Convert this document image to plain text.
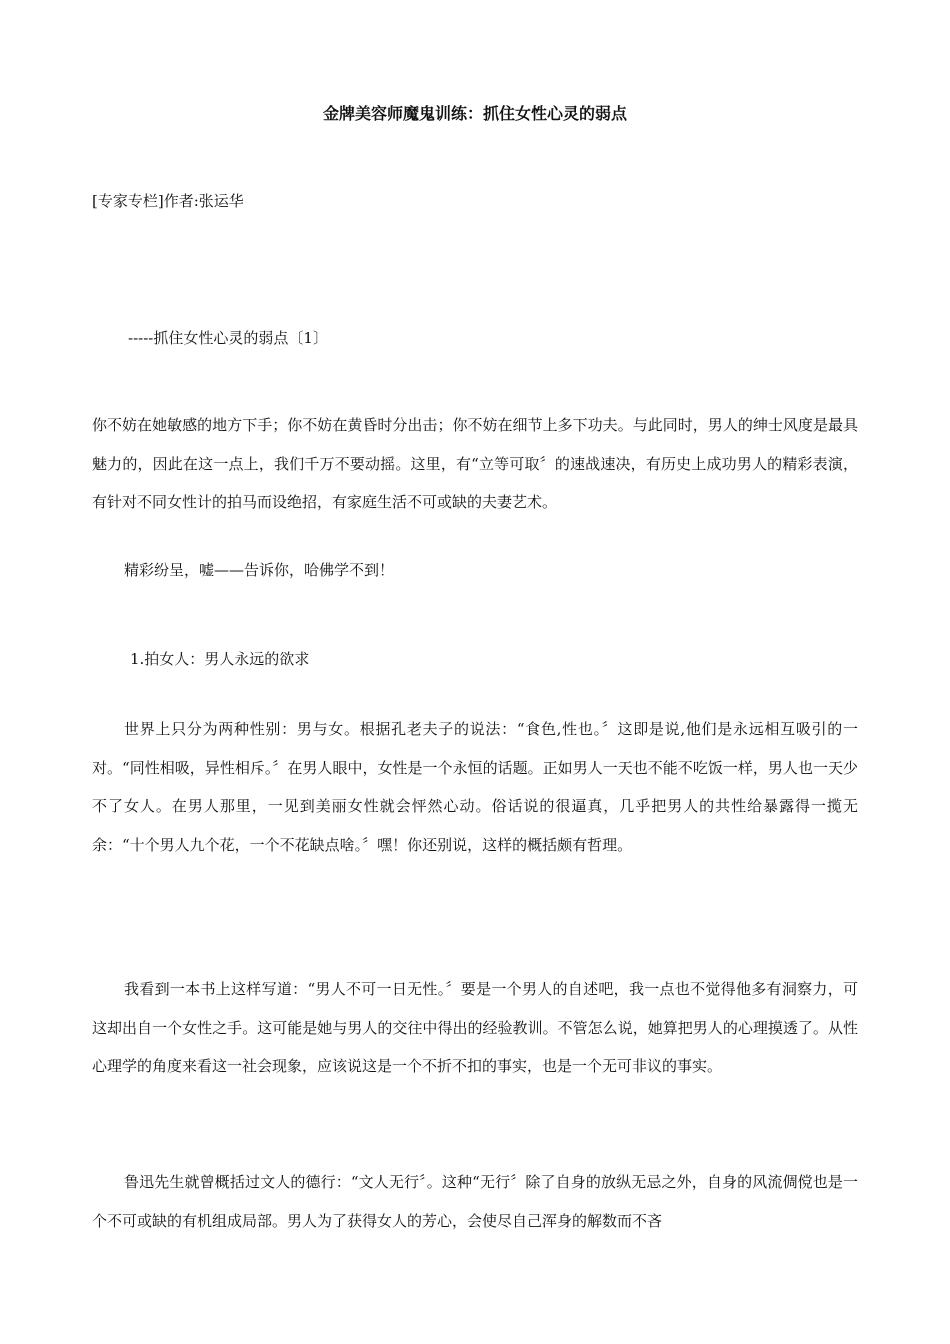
金牌美容师魔鬼训练：抓住女性心灵的弱点

[专家专栏]作者:张运华

-----抓住女性心灵的弱点〔1〕

你不妨在她敏感的地方下手；你不妨在黄昏时分出击；你不妨在细节上多下功夫。与此同时，男人的绅士风度是最具魅力的，因此在这一点上，我们千万不要动摇。这里，有“立等可取〞的速战速决，有历史上成功男人的精彩表演，有针对不同女性计的拍马而设绝招，有家庭生活不可或缺的夫妻艺术。

精彩纷呈，嘘——告诉你，哈佛学不到！

1.拍女人：男人永远的欲求

世界上只分为两种性别：男与女。根据孔老夫子的说法：“食色,性也。〞这即是说,他们是永远相互吸引的一对。“同性相吸，异性相斥。〞在男人眼中，女性是一个永恒的话题。正如男人一天也不能不吃饭一样，男人也一天少不了女人。在男人那里，一见到美丽女性就会怦然心动。俗话说的很逼真，几乎把男人的共性给暴露得一揽无余：“十个男人九个花，一个不花缺点啥。〞嘿！你还别说，这样的概括颇有哲理。

我看到一本书上这样写道：“男人不可一日无性。〞要是一个男人的自述吧，我一点也不觉得他多有洞察力，可这却出自一个女性之手。这可能是她与男人的交往中得出的经验教训。不管怎么说，她算把男人的心理摸透了。从性心理学的角度来看这一社会现象，应该说这是一个不折不扣的事实，也是一个无可非议的事实。

鲁迅先生就曾概括过文人的德行：“文人无行〞。这种“无行〞除了自身的放纵无忌之外，自身的风流倜傥也是一个不可或缺的有机组成局部。男人为了获得女人的芳心，会使尽自己浑身的解数而不吝
